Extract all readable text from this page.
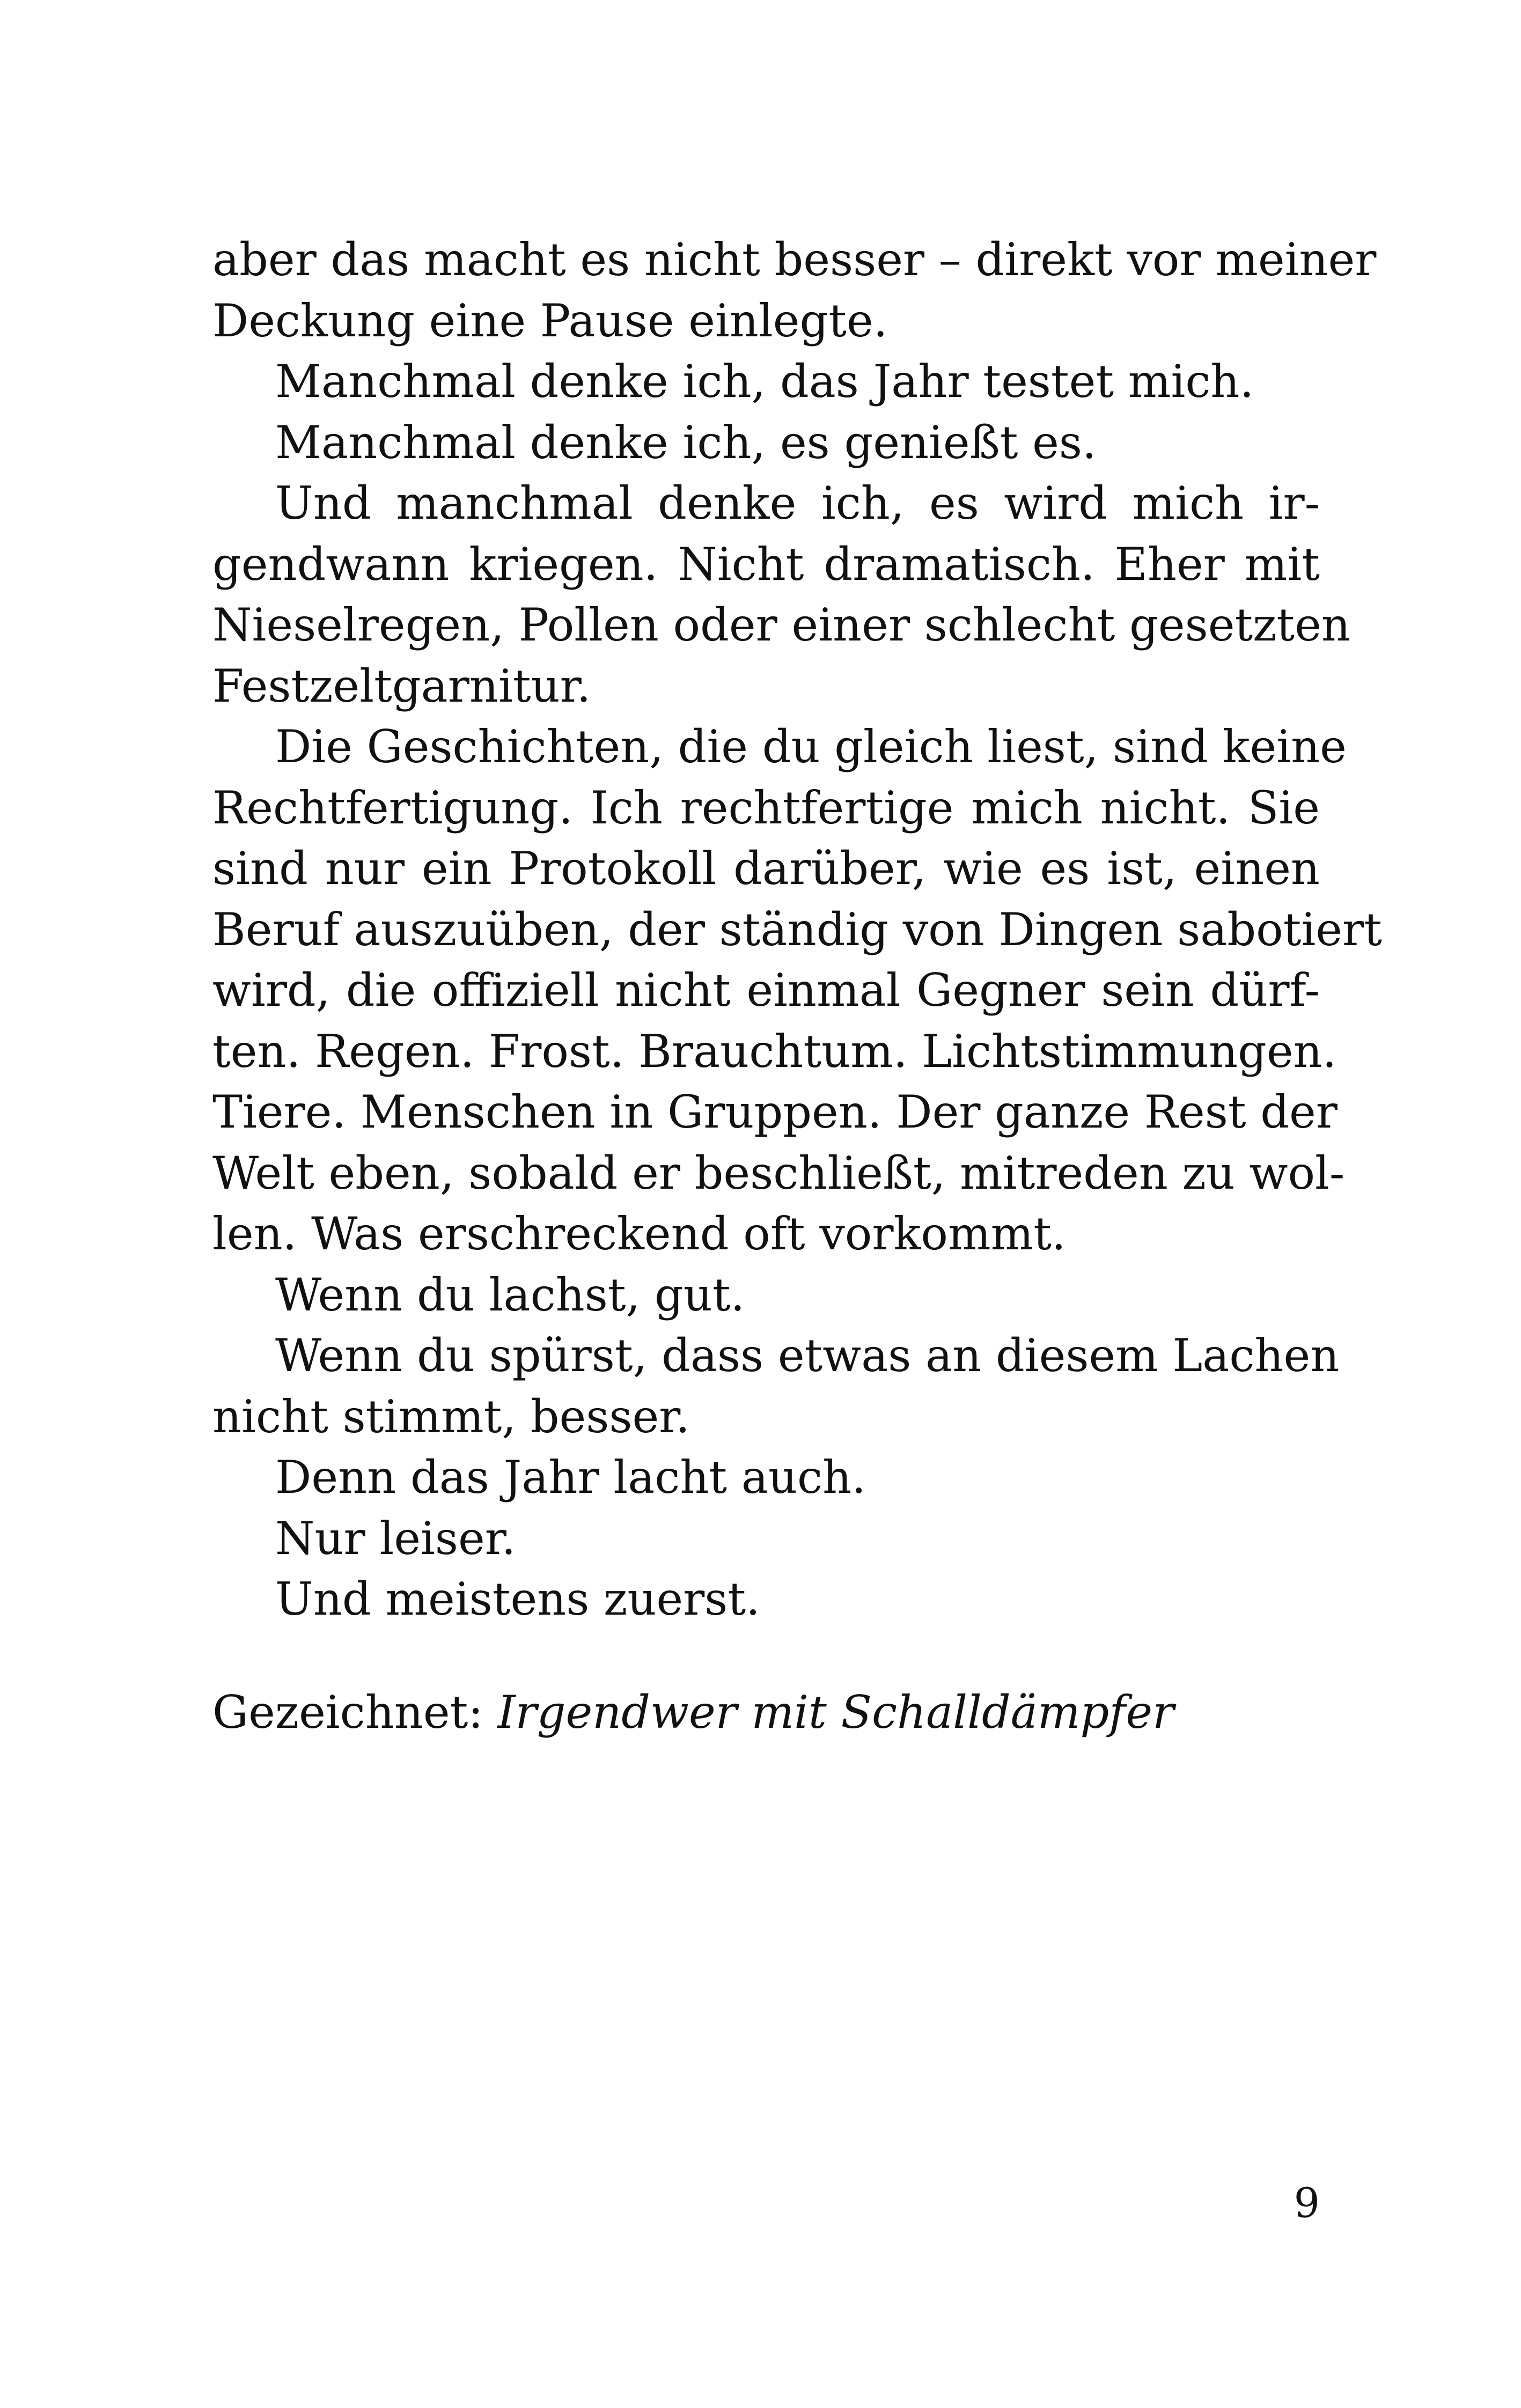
aber das macht es nicht besser – direkt vor meiner
Deckung eine Pause einlegte.
Manchmal denke ich, das Jahr testet mich.
Manchmal denke ich, es genießt es.
Und manchmal denke ich, es wird mich ir-
gendwann kriegen. Nicht dramatisch. Eher mit
Nieselregen, Pollen oder einer schlecht gesetzten
Festzeltgarnitur.
Die Geschichten, die du gleich liest, sind keine
Rechtfertigung. Ich rechtfertige mich nicht. Sie
sind nur ein Protokoll darüber, wie es ist, einen
Beruf auszuüben, der ständig von Dingen sabotiert
wird, die offiziell nicht einmal Gegner sein dürf-
ten. Regen. Frost. Brauchtum. Lichtstimmungen.
Tiere. Menschen in Gruppen. Der ganze Rest der
Welt eben, sobald er beschließt, mitreden zu wol-
len. Was erschreckend oft vorkommt.
Wenn du lachst, gut.
Wenn du spürst, dass etwas an diesem Lachen
nicht stimmt, besser.
Denn das Jahr lacht auch.
Nur leiser.
Und meistens zuerst.
Gezeichnet: Irgendwer mit Schalldämpfer
9
